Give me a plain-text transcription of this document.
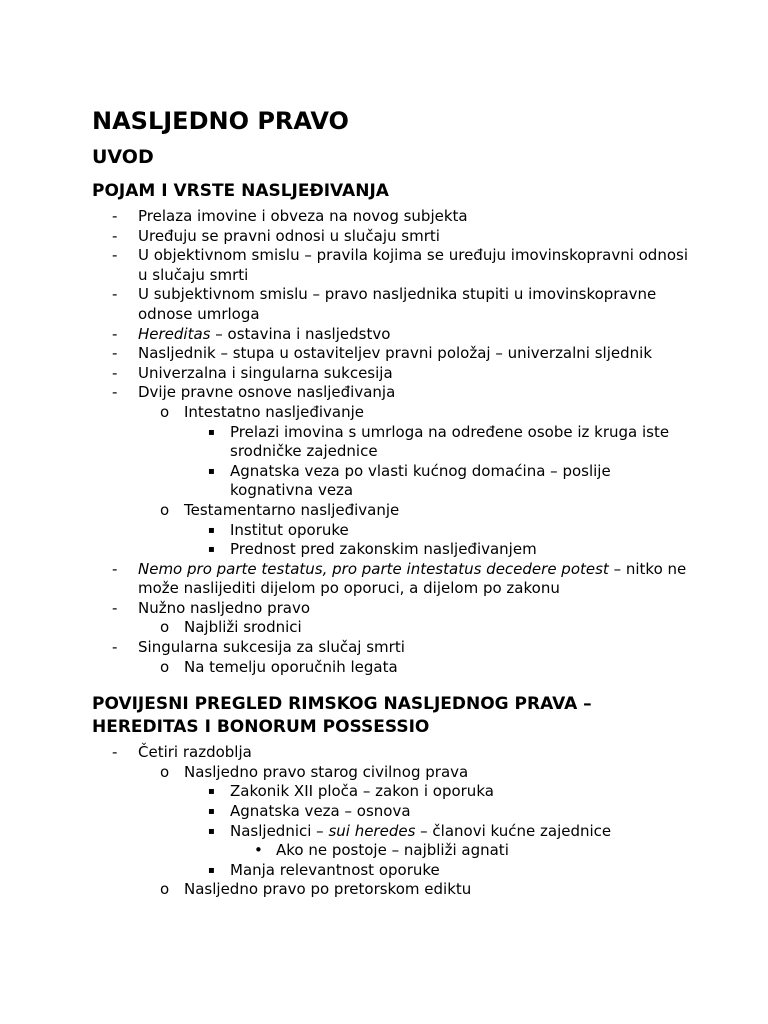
NASLJEDNO PRAVO
UVOD
POJAM I VRSTE NASLJEĐIVANJA
- Prelaza imovine i obveza na novog subjekta
- Uređuju se pravni odnosi u slučaju smrti
- U objektivnom smislu – pravila kojima se uređuju imovinskopravni odnosi u slučaju smrti
- U subjektivnom smislu – pravo nasljednika stupiti u imovinskopravne odnose umrloga
- Hereditas – ostavina i nasljedstvo
- Nasljednik – stupa u ostaviteljev pravni položaj – univerzalni sljednik
- Univerzalna i singularna sukcesija
- Dvije pravne osnove nasljeđivanja
o Intestatno nasljeđivanje
▪ Prelazi imovina s umrloga na određene osobe iz kruga iste srodničke zajednice
▪ Agnatska veza po vlasti kućnog domaćina – poslije kognativna veza
o Testamentarno nasljeđivanje
▪ Institut oporuke
▪ Prednost pred zakonskim nasljeđivanjem
- Nemo pro parte testatus, pro parte intestatus decedere potest – nitko ne može naslijediti dijelom po oporuci, a dijelom po zakonu
- Nužno nasljedno pravo
o Najbliži srodnici
- Singularna sukcesija za slučaj smrti
o Na temelju oporučnih legata
POVIJESNI PREGLED RIMSKOG NASLJEDNOG PRAVA – HEREDITAS I BONORUM POSSESSIO
- Četiri razdoblja
o Nasljedno pravo starog civilnog prava
▪ Zakonik XII ploča – zakon i oporuka
▪ Agnatska veza – osnova
▪ Nasljednici – sui heredes – članovi kućne zajednice
• Ako ne postoje – najbliži agnati
▪ Manja relevantnost oporuke
o Nasljedno pravo po pretorskom ediktu
